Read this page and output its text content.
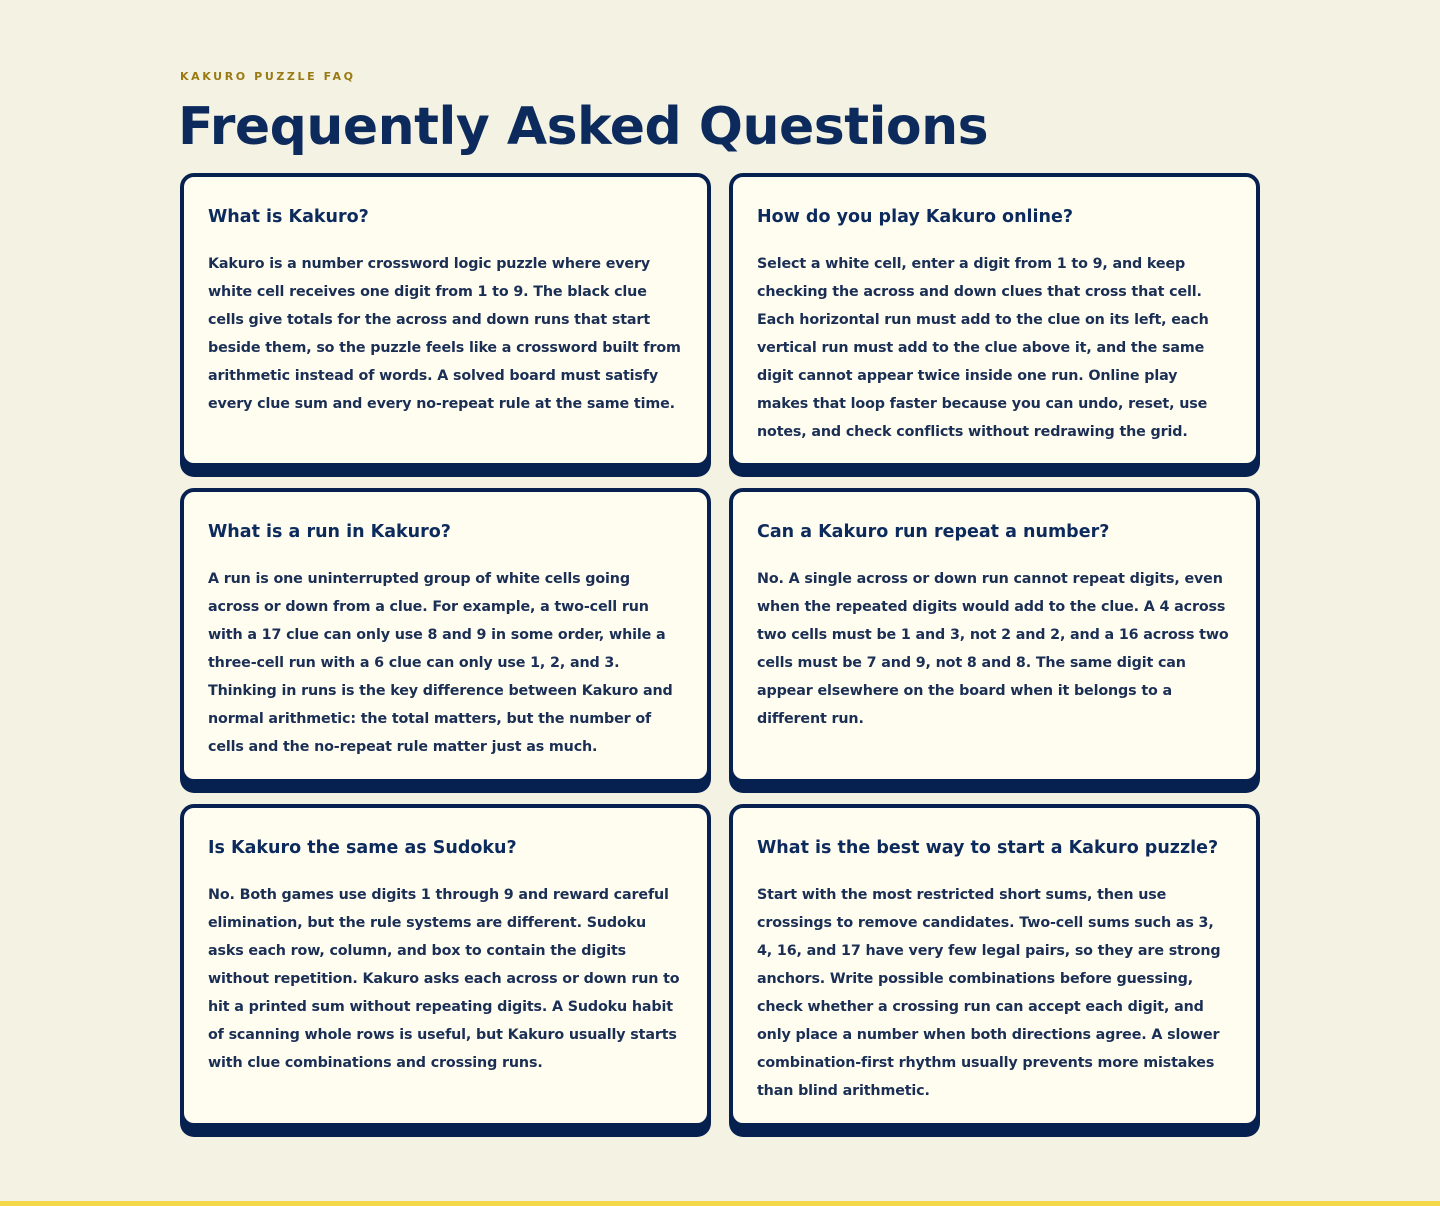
KAKURO PUZZLE FAQ
Frequently Asked Questions
What is Kakuro?

Kakuro is a number crossword logic puzzle where every white cell receives one digit from 1 to 9. The black clue cells give totals for the across and down runs that start beside them, so the puzzle feels like a crossword built from arithmetic instead of words. A solved board must satisfy every clue sum and every no-repeat rule at the same time.

How do you play Kakuro online?

Select a white cell, enter a digit from 1 to 9, and keep checking the across and down clues that cross that cell. Each horizontal run must add to the clue on its left, each vertical run must add to the clue above it, and the same digit cannot appear twice inside one run. Online play makes that loop faster because you can undo, reset, use notes, and check conflicts without redrawing the grid.

What is a run in Kakuro?

A run is one uninterrupted group of white cells going across or down from a clue. For example, a two-cell run with a 17 clue can only use 8 and 9 in some order, while a three-cell run with a 6 clue can only use 1, 2, and 3. Thinking in runs is the key difference between Kakuro and normal arithmetic: the total matters, but the number of cells and the no-repeat rule matter just as much.

Can a Kakuro run repeat a number?

No. A single across or down run cannot repeat digits, even when the repeated digits would add to the clue. A 4 across two cells must be 1 and 3, not 2 and 2, and a 16 across two cells must be 7 and 9, not 8 and 8. The same digit can appear elsewhere on the board when it belongs to a different run.

Is Kakuro the same as Sudoku?

No. Both games use digits 1 through 9 and reward careful elimination, but the rule systems are different. Sudoku asks each row, column, and box to contain the digits without repetition. Kakuro asks each across or down run to hit a printed sum without repeating digits. A Sudoku habit of scanning whole rows is useful, but Kakuro usually starts with clue combinations and crossing runs.

What is the best way to start a Kakuro puzzle?

Start with the most restricted short sums, then use crossings to remove candidates. Two-cell sums such as 3, 4, 16, and 17 have very few legal pairs, so they are strong anchors. Write possible combinations before guessing, check whether a crossing run can accept each digit, and only place a number when both directions agree. A slower combination-first rhythm usually prevents more mistakes than blind arithmetic.
